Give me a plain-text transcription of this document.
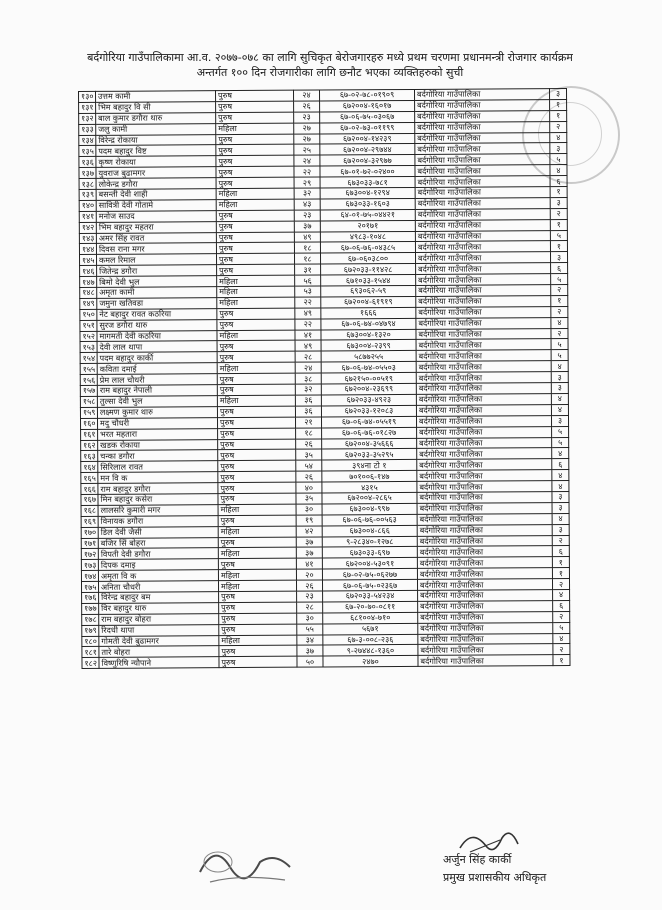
बर्दगोरिया गाउँपालिकामा आ.व. २०७७-०७८ का लागि सुचिकृत बेरोजगारहरु मध्ये प्रथम चरणमा प्रधानमन्त्री रोजगार कार्यक्रम
अन्तर्गत १०० दिन रोजगारीका लागि छनौट भएका व्यक्तिहरुको सुची
१३०	उत्तम कामी	पुरुष	२४	६७-०२-७८-०१९०९	बर्दगोरिया गाउँपालिका	३
१३१	भिम बहादुर वि सी	पुरुष	२६	६७२००४-१६०१७	बर्दगोरिया गाउँपालिका	१
१३२	बाल कुमार डगौरा थारु	पुरुष	२३	६७-०६-७५-०३०६७	बर्दगोरिया गाउँपालिका	१
१३३	जलु कामी	महिला	२७	६७-०२-७३-०११९९	बर्दगोरिया गाउँपालिका	२
१३४	विरेन्द्र रोकाया	पुरुष	२७	६७२००४-१४२३९	बर्दगोरिया गाउँपालिका	४
१३५	पदम बहादुर विष्ट	पुरुष	२५	६७२००४-२९७४४	बर्दगोरिया गाउँपालिका	३
१३६	कृष्ण रोकाया	पुरुष	२४	६७२००४-३२९७७	बर्दगोरिया गाउँपालिका	५
१३७	युवराज बुढामगर	पुरुष	२२	६७-०१-७२-०२४००	बर्दगोरिया गाउँपालिका	४
१३८	लोकेन्द्र डगौरा	पुरुष	२९	६७३०३३-७८१	बर्दगोरिया गाउँपालिका	६
१३९	बसन्ती देवी शाही	महिला	३२	६७३००४-१२९४	बर्दगोरिया गाउँपालिका	१
१४०	सावित्री देवी गोतामे	महिला	४३	६७३०३३-१६०३	बर्दगोरिया गाउँपालिका	३
१४१	मनोज साउद	पुरुष	२३	६४-०१-७५-०४४२१	बर्दगोरिया गाउँपालिका	२
१४२	भिम बहादुर महतरा	पुरुष	३७	२०१७१	बर्दगोरिया गाउँपालिका	१
१४३	अमर सिंह रावत	पुरुष	४९	४९८३-१०४८	बर्दगोरिया गाउँपालिका	५
१४४	दिवस राना मगर	पुरुष	१८	६७-०६-७६-०४३८५	बर्दगोरिया गाउँपालिका	१
१४५	कमल रिमाल	पुरुष	१८	६७-०६०३८००	बर्दगोरिया गाउँपालिका	३
१४६	जितेन्द्र डगौरा	पुरुष	३१	६७२०३३-११४२८	बर्दगोरिया गाउँपालिका	६
१४७	बिमो देवी भुल	महिला	५६	६७१०३३-१५४४	बर्दगोरिया गाउँपालिका	५
१४८	अमृता कामी	महिला	५३	६९३०६२-५९	बर्दगोरिया गाउँपालिका	२
१४९	जमुना खतिवडा	महिला	२२	६७२००४-६१९१९	बर्दगोरिया गाउँपालिका	१
१५०	नेट बहादुर रावत कठरिया	पुरुष	४९	१६६६	बर्दगोरिया गाउँपालिका	२
१५१	सुरज डगौरा थारु	पुरुष	२२	६७-०६-७४-०४७९४	बर्दगोरिया गाउँपालिका	४
१५२	मागमती देवी कठरिया	महिला	४१	६७३००४-१३२०	बर्दगोरिया गाउँपालिका	२
१५३	देवी लाल थापा	पुरुष	४९	६७३००४-२३९९	बर्दगोरिया गाउँपालिका	५
१५४	पदम बहादुर कार्की	पुरुष	२८	५८७७२५५	बर्दगोरिया गाउँपालिका	५
१५५	कविता दमाई	महिला	२४	६७-०६-७४-०५५०३	बर्दगोरिया गाउँपालिका	४
१५६	प्रेम लाल चौधरी	पुरुष	३८	६७२१५०-००५१९	बर्दगोरिया गाउँपालिका	३
१५७	राम बहादुर नेपाली	पुरुष	३२	६७२००४-२३६९९	बर्दगोरिया गाउँपालिका	३
१५८	तुल्सा देवी भुल	महिला	३६	६७२०३३-४९२३	बर्दगोरिया गाउँपालिका	४
१५९	लक्ष्मण कुमार थारु	पुरुष	३६	६७२०३३-१२०८३	बर्दगोरिया गाउँपालिका	४
१६०	मदु चौधरी	पुरुष	२१	६७-०६-७४-०५५१९	बर्दगोरिया गाउँपालिका	३
१६१	भरत महतारा	पुरुष	१८	६७-०६-७६-०१८२७	बर्दगोरिया गाउँपालिका	५
१६२	खडक रोकाया	पुरुष	२६	६७२००४-३५६६६	बर्दगोरिया गाउँपालिका	५
१६३	चन्का डगौरा	पुरुष	३५	६७२०३३-३५२९५	बर्दगोरिया गाउँपालिका	४
१६४	सिरिलाल रावत	पुरुष	५४	३९४ना टो १	बर्दगोरिया गाउँपालिका	६
१६५	मन वि क	पुरुष	२६	७०१००६-१४७	बर्दगोरिया गाउँपालिका	४
१६६	राम बहादुर डगौरा	पुरुष	४०	४३१५	बर्दगोरिया गाउँपालिका	४
१६७	मिन बहादुर कसेरा	पुरुष	३५	६७२००४-२८६५	बर्दगोरिया गाउँपालिका	३
१६८	लालसरि कुमारी मगर	महिला	३०	६७३००४-९९७	बर्दगोरिया गाउँपालिका	३
१६९	विनायक डगौरा	पुरुष	१९	६७-०६-७६-००५६३	बर्दगोरिया गाउँपालिका	४
१७०	डिल देवी जैसी	महिला	४२	६७३००४-८६६	बर्दगोरिया गाउँपालिका	३
१७१	बजिर सिं बोहरा	पुरुष	३७	९-२८३४०-१२७८	बर्दगोरिया गाउँपालिका	२
१७२	विपती देवी डगौरा	महिला	३७	६७३०३३-६९७	बर्दगोरिया गाउँपालिका	६
१७३	दिपक दमाइ	पुरुष	४१	६७२००४-५३०९१	बर्दगोरिया गाउँपालिका	१
१७४	अमृता वि क	महिला	२०	६७-०२-७५-०६२७७	बर्दगोरिया गाउँपालिका	१
१७५	अनिता चौधरी	महिला	२६	६७-०६-७५-०२३६७	बर्दगोरिया गाउँपालिका	२
१७६	विरेन्द्र बहादुर बम	पुरुष	२३	६७२०३३-५४२३४	बर्दगोरिया गाउँपालिका	४
१७७	विर बहादुर थारु	पुरुष	२८	६७-२०-७०-०८११	बर्दगोरिया गाउँपालिका	६
१७८	राम बहादुर बोहरा	पुरुष	३०	६८१००४-७१०	बर्दगोरिया गाउँपालिका	२
१७९	रिदधी थापा	पुरुष	५५	५६७१	बर्दगोरिया गाउँपालिका	५
१८०	गोमती देवी बुढामगर	महिला	३४	६७-३-००८-२३६	बर्दगोरिया गाउँपालिका	४
१८१	तारे बोहरा	पुरुष	३७	९-२७४४८-१३६०	बर्दगोरिया गाउँपालिका	२
१८२	विष्णुरिषि न्यौपाने	पुरुष	५०	२४७०	बर्दगोरिया गाउँपालिका	१
अर्जुन सिंह कार्की
प्रमुख प्रशासकीय अधिकृत
